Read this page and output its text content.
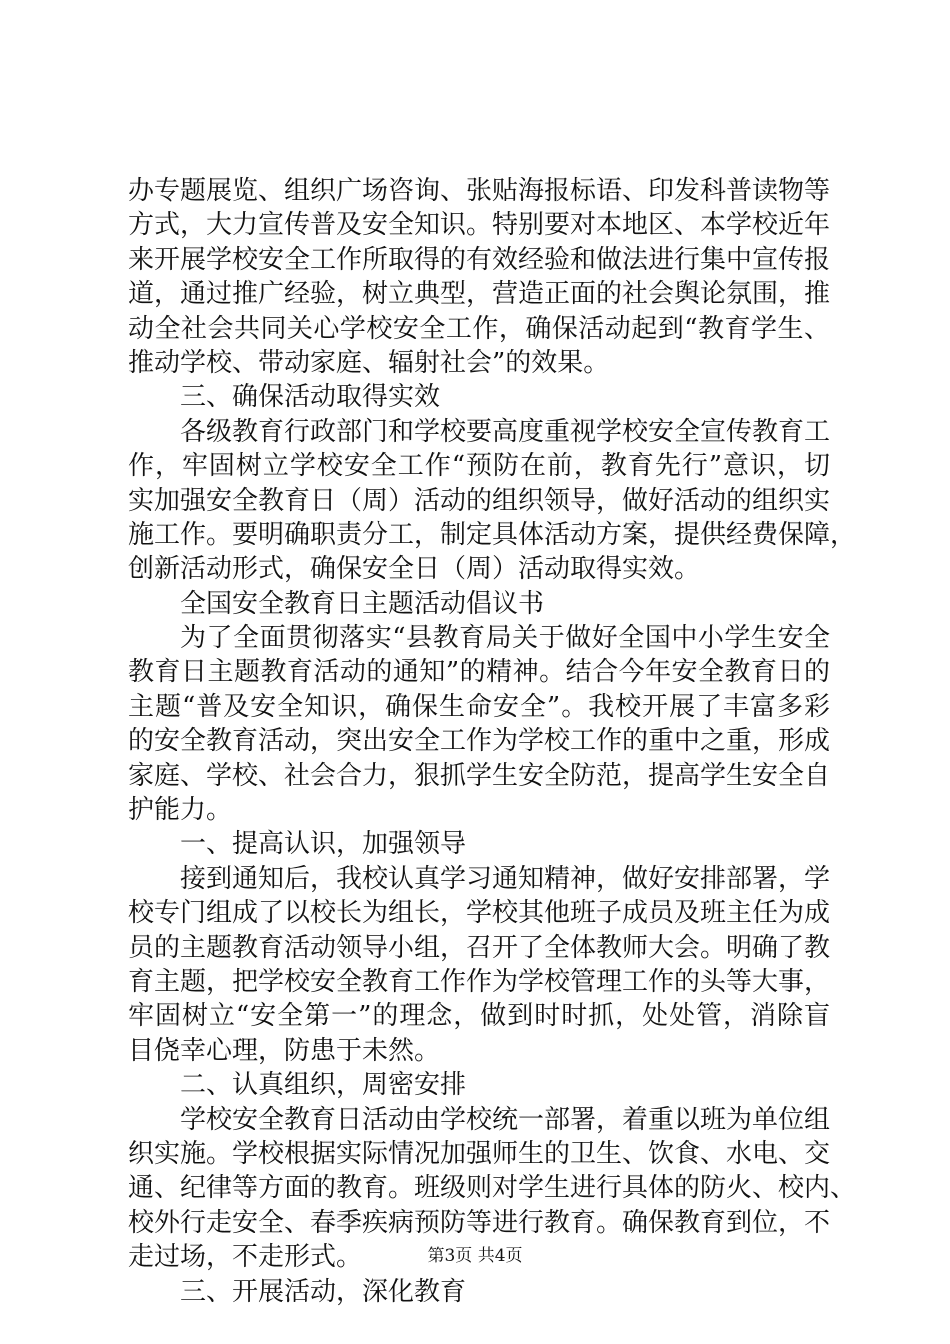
办专题展览、组织广场咨询、张贴海报标语、印发科普读物等
方式，大力宣传普及安全知识。特别要对本地区、本学校近年
来开展学校安全工作所取得的有效经验和做法进行集中宣传报
道，通过推广经验，树立典型，营造正面的社会舆论氛围，推
动全社会共同关心学校安全工作，确保活动起到“教育学生、
推动学校、带动家庭、辐射社会”的效果。
三、确保活动取得实效
各级教育行政部门和学校要高度重视学校安全宣传教育工
作，牢固树立学校安全工作“预防在前，教育先行”意识，切
实加强安全教育日（周）活动的组织领导，做好活动的组织实
施工作。要明确职责分工，制定具体活动方案，提供经费保障，
创新活动形式，确保安全日（周）活动取得实效。
全国安全教育日主题活动倡议书
为了全面贯彻落实“县教育局关于做好全国中小学生安全
教育日主题教育活动的通知”的精神。结合今年安全教育日的
主题“普及安全知识，确保生命安全”。我校开展了丰富多彩
的安全教育活动，突出安全工作为学校工作的重中之重，形成
家庭、学校、社会合力，狠抓学生安全防范，提高学生安全自
护能力。
一、提高认识，加强领导
接到通知后，我校认真学习通知精神，做好安排部署，学
校专门组成了以校长为组长，学校其他班子成员及班主任为成
员的主题教育活动领导小组，召开了全体教师大会。明确了教
育主题，把学校安全教育工作作为学校管理工作的头等大事，
牢固树立“安全第一”的理念，做到时时抓，处处管，消除盲
目侥幸心理，防患于未然。
二、认真组织，周密安排
学校安全教育日活动由学校统一部署，着重以班为单位组
织实施。学校根据实际情况加强师生的卫生、饮食、水电、交
通、纪律等方面的教育。班级则对学生进行具体的防火、校内、
校外行走安全、春季疾病预防等进行教育。确保教育到位，不
走过场，不走形式。
三、开展活动，深化教育
第3页 共4页
